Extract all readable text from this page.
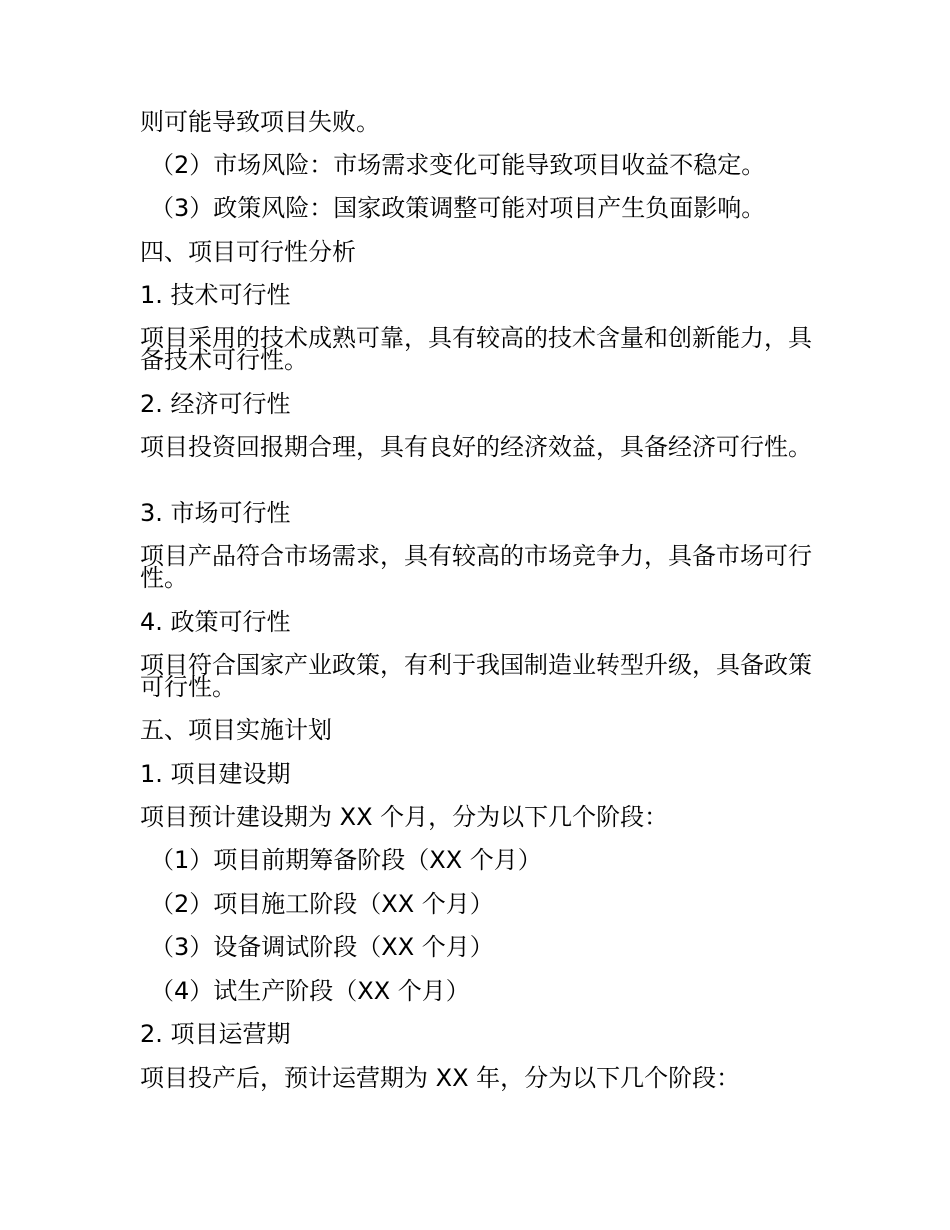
则可能导致项目失败。
（2）市场风险：市场需求变化可能导致项目收益不稳定。
（3）政策风险：国家政策调整可能对项目产生负面影响。
四、项目可行性分析
1. 技术可行性
项目采用的技术成熟可靠，具有较高的技术含量和创新能力，具备技术可行性。
2. 经济可行性
项目投资回报期合理，具有良好的经济效益，具备经济可行性。
3. 市场可行性
项目产品符合市场需求，具有较高的市场竞争力，具备市场可行性。
4. 政策可行性
项目符合国家产业政策，有利于我国制造业转型升级，具备政策可行性。
五、项目实施计划
1. 项目建设期
项目预计建设期为 XX 个月，分为以下几个阶段：
（1）项目前期筹备阶段（XX 个月）
（2）项目施工阶段（XX 个月）
（3）设备调试阶段（XX 个月）
（4）试生产阶段（XX 个月）
2. 项目运营期
项目投产后，预计运营期为 XX 年，分为以下几个阶段：
